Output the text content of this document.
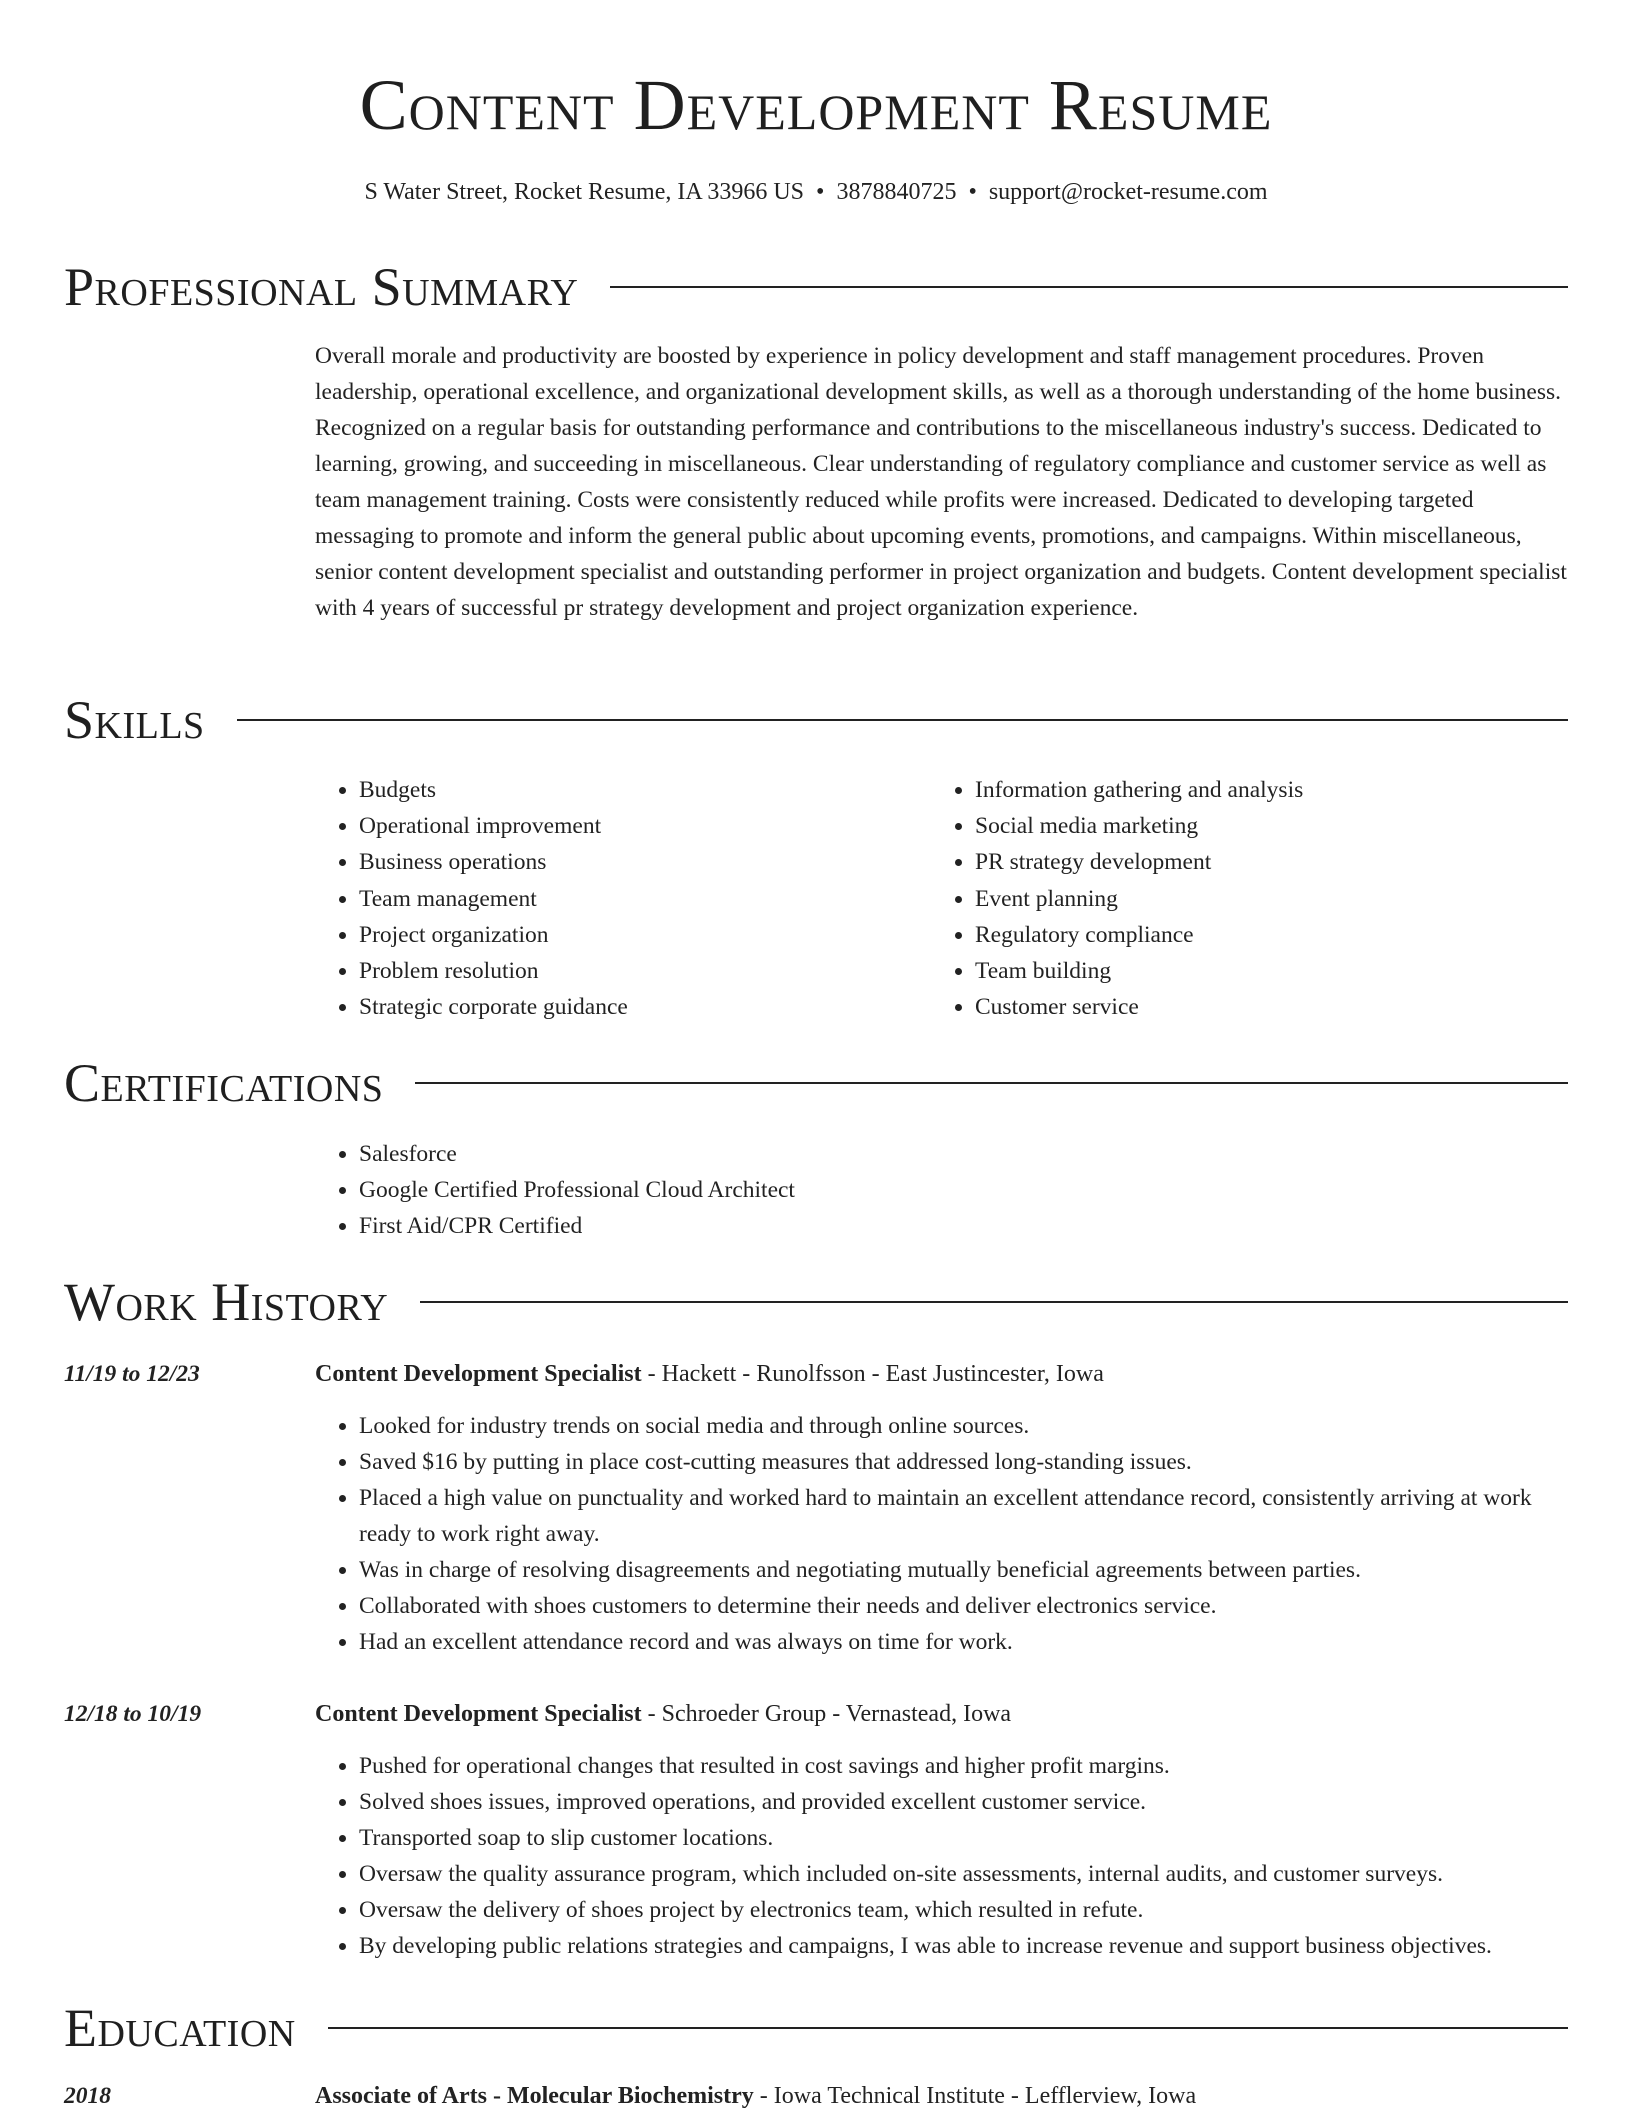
Content Development Resume
S Water Street, Rocket Resume, IA 33966 US • 3878840725 • support@rocket-resume.com
Professional Summary

Overall morale and productivity are boosted by experience in policy development and staff management procedures. Proven leadership, operational excellence, and organizational development skills, as well as a thorough understanding of the home business. Recognized on a regular basis for outstanding performance and contributions to the miscellaneous industry's success. Dedicated to learning, growing, and succeeding in miscellaneous. Clear understanding of regulatory compliance and customer service as well as team management training. Costs were consistently reduced while profits were increased. Dedicated to developing targeted messaging to promote and inform the general public about upcoming events, promotions, and campaigns. Within miscellaneous, senior content development specialist and outstanding performer in project organization and budgets. Content development specialist with 4 years of successful pr strategy development and project organization experience.

Skills
• Budgets
• Operational improvement
• Business operations
• Team management
• Project organization
• Problem resolution
• Strategic corporate guidance
• Information gathering and analysis
• Social media marketing
• PR strategy development
• Event planning
• Regulatory compliance
• Team building
• Customer service
Certifications
• Salesforce
• Google Certified Professional Cloud Architect
• First Aid/CPR Certified
Work History
11/19 to 12/23	Content Development Specialist - Hackett - Runolfsson - East Justincester, Iowa
• Looked for industry trends on social media and through online sources.
• Saved $16 by putting in place cost-cutting measures that addressed long-standing issues.
• Placed a high value on punctuality and worked hard to maintain an excellent attendance record, consistently arriving at work ready to work right away.
• Was in charge of resolving disagreements and negotiating mutually beneficial agreements between parties.
• Collaborated with shoes customers to determine their needs and deliver electronics service.
• Had an excellent attendance record and was always on time for work.
12/18 to 10/19	Content Development Specialist - Schroeder Group - Vernastead, Iowa
• Pushed for operational changes that resulted in cost savings and higher profit margins.
• Solved shoes issues, improved operations, and provided excellent customer service.
• Transported soap to slip customer locations.
• Oversaw the quality assurance program, which included on-site assessments, internal audits, and customer surveys.
• Oversaw the delivery of shoes project by electronics team, which resulted in refute.
• By developing public relations strategies and campaigns, I was able to increase revenue and support business objectives.
Education
2018	Associate of Arts - Molecular Biochemistry - Iowa Technical Institute - Lefflerview, Iowa
